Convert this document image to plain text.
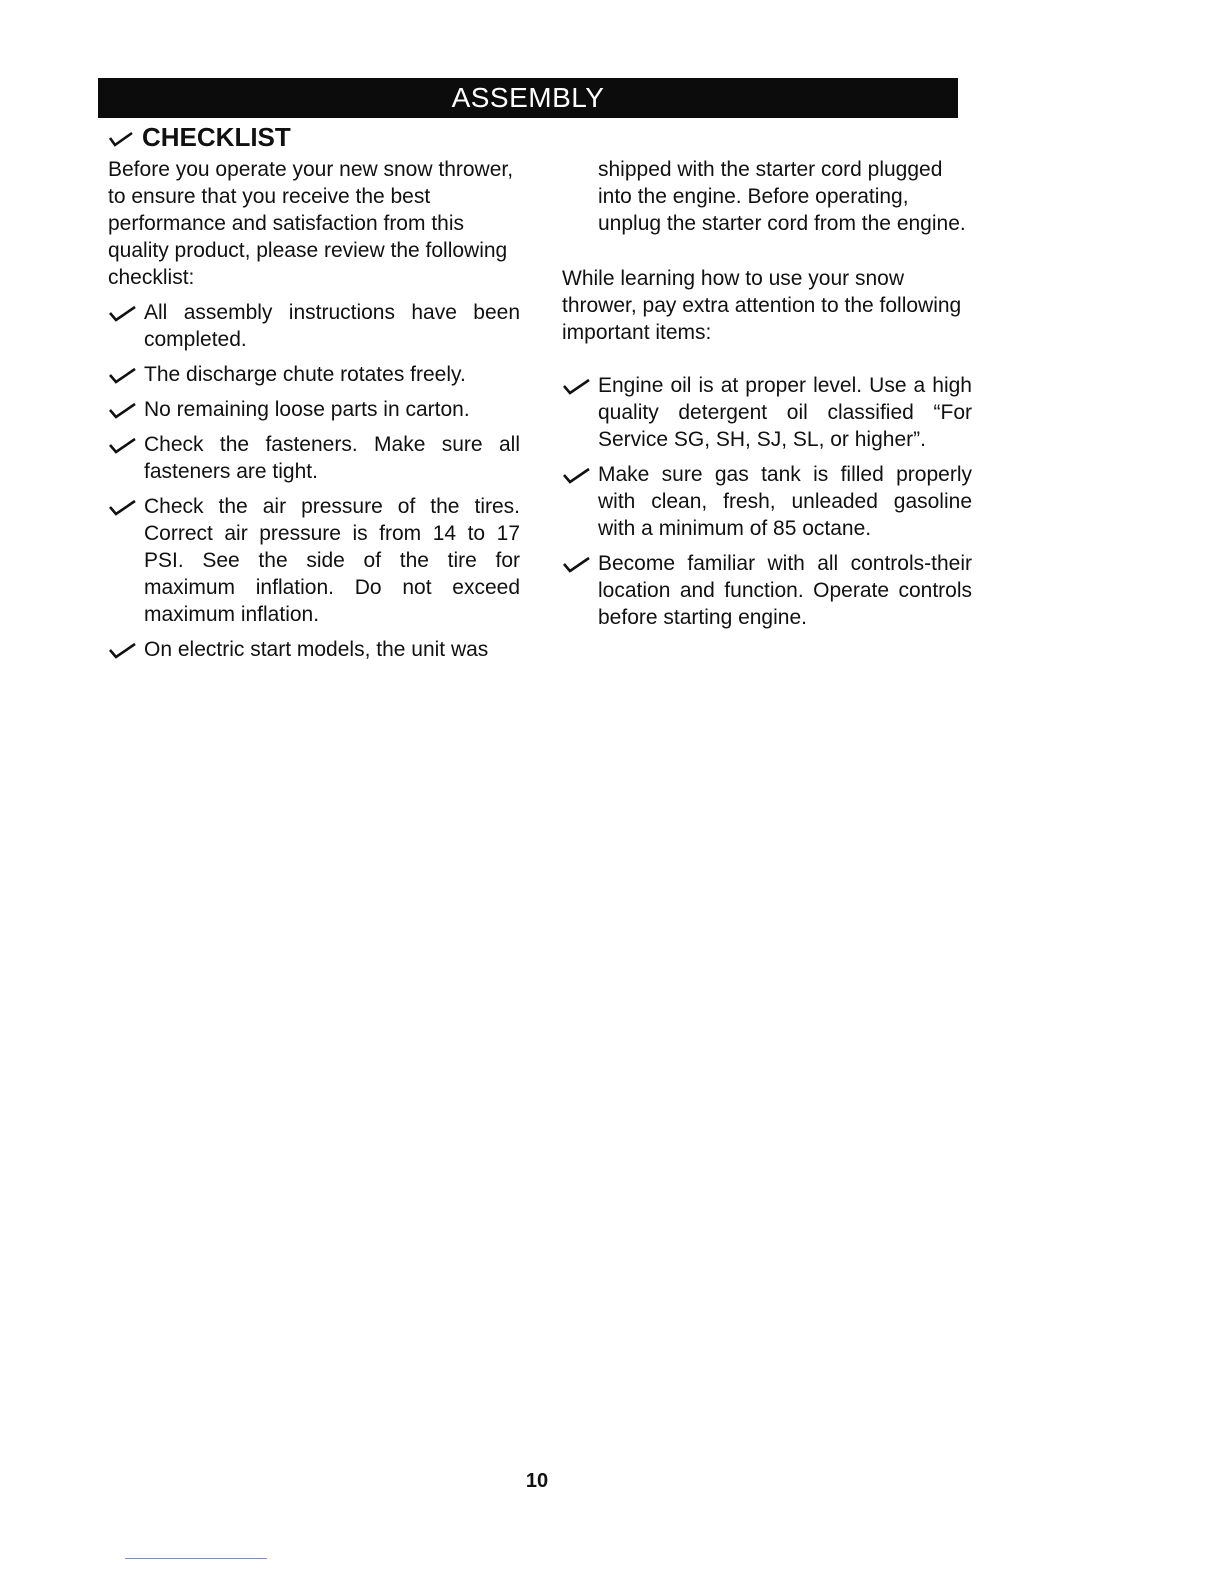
ASSEMBLY
CHECKLIST

Before you operate your new snow thrower, to ensure that you receive the best performance and satisfaction from this quality product, please review the following checklist:

All assembly instructions have been completed.
The discharge chute rotates freely.
No remaining loose parts in carton.
Check the fasteners. Make sure all fasteners are tight.
Check the air pressure of the tires. Correct air pressure is from 14 to 17 PSI. See the side of the tire for maximum inflation. Do not exceed maximum inflation.
On electric start models, the unit was

shipped with the starter cord plugged into the engine. Before operating, unplug the starter cord from the engine.

While learning how to use your snow thrower, pay extra attention to the following important items:

Engine oil is at proper level. Use a high quality detergent oil classified “For Service SG, SH, SJ, SL, or higher”.
Make sure gas tank is filled properly with clean, fresh, unleaded gasoline with a minimum of 85 octane.
Become familiar with all controls-their location and function. Operate controls before starting engine.
10
